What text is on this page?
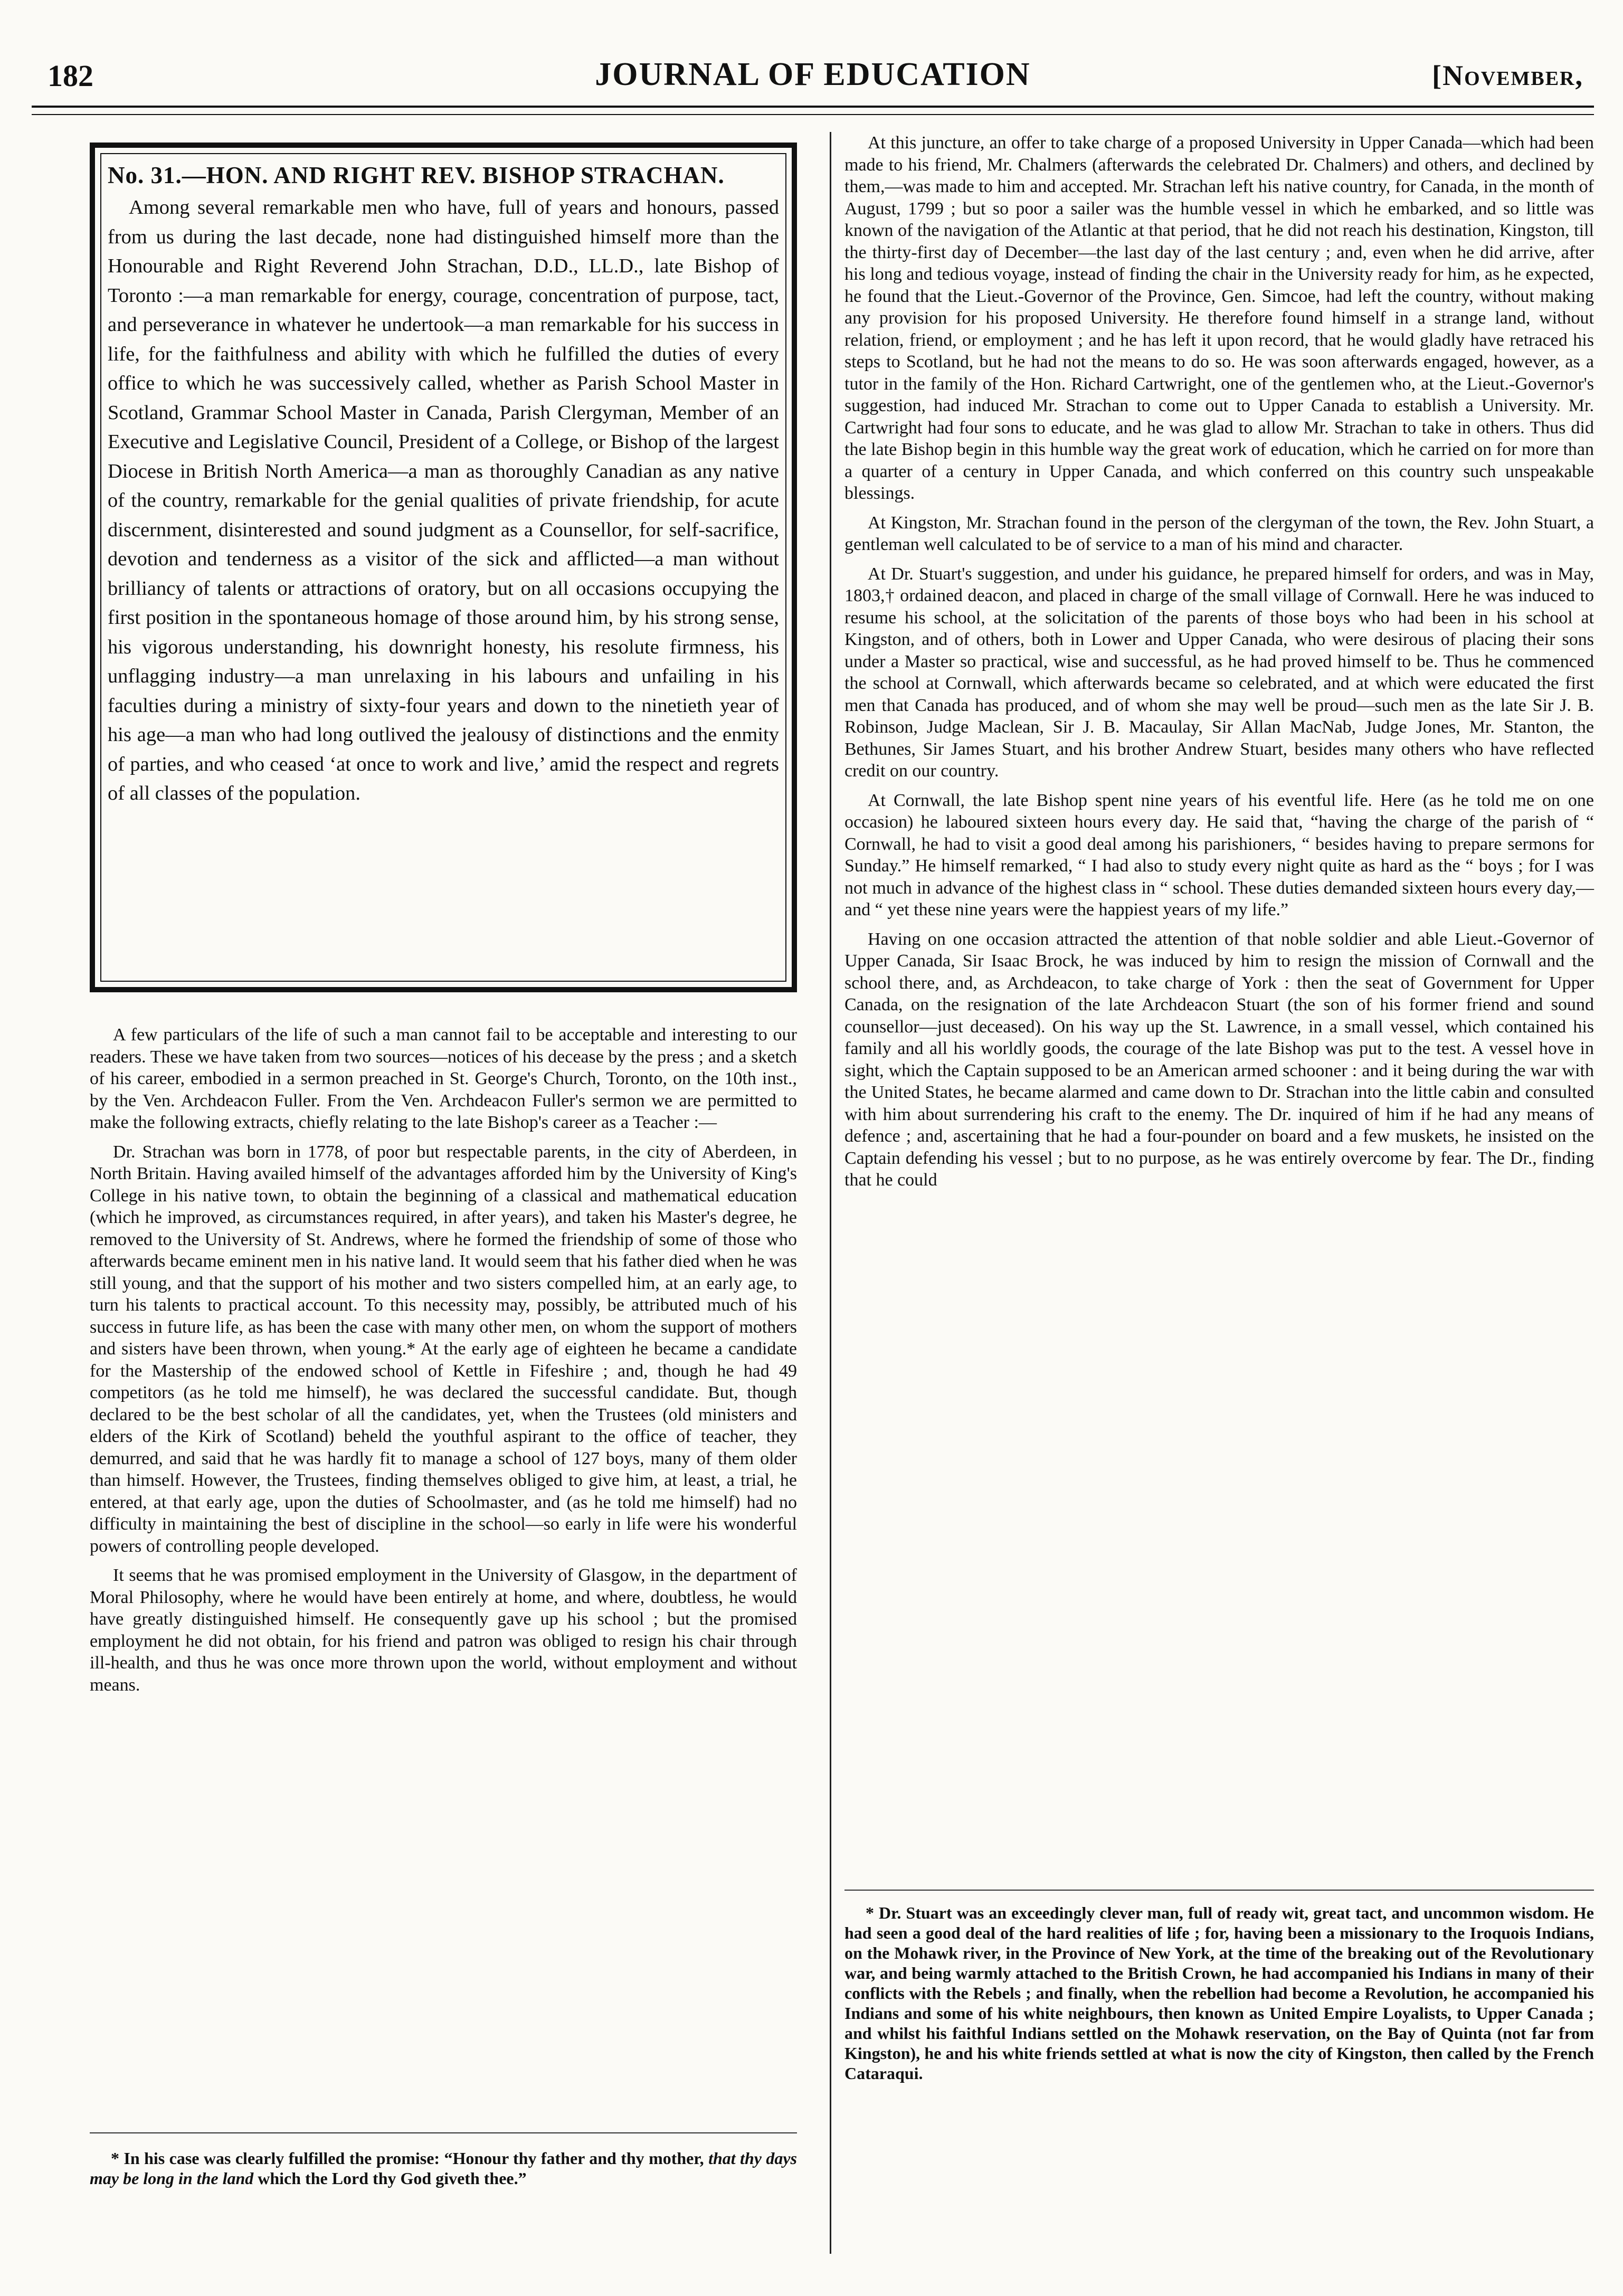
182	JOURNAL OF EDUCATION	[November,
No. 31.—HON. AND RIGHT REV. BISHOP STRACHAN.

Among several remarkable men who have, full of years and honours, passed from us during the last decade, none had distinguished himself more than the Honourable and Right Reverend John Strachan, D.D., LL.D., late Bishop of Toronto :—a man remarkable for energy, courage, concentration of purpose, tact, and perseverance in whatever he undertook—a man remarkable for his success in life, for the faithfulness and ability with which he fulfilled the duties of every office to which he was successively called, whether as Parish School Master in Scotland, Grammar School Master in Canada, Parish Clergyman, Member of an Executive and Legislative Council, President of a College, or Bishop of the largest Diocese in British North America—a man as thoroughly Canadian as any native of the country, remarkable for the genial qualities of private friendship, for acute discernment, disinterested and sound judgment as a Counsellor, for self-sacrifice, devotion and tenderness as a visitor of the sick and afflicted—a man without brilliancy of talents or attractions of oratory, but on all occasions occupying the first position in the spontaneous homage of those around him, by his strong sense, his vigorous understanding, his downright honesty, his resolute firmness, his unflagging industry—a man unrelaxing in his labours and unfailing in his faculties during a ministry of sixty-four years and down to the ninetieth year of his age—a man who had long outlived the jealousy of distinctions and the enmity of parties, and who ceased ‘at once to work and live,’ amid the respect and regrets of all classes of the population.

A few particulars of the life of such a man cannot fail to be acceptable and interesting to our readers. These we have taken from two sources—notices of his decease by the press ; and a sketch of his career, embodied in a sermon preached in St. George's Church, Toronto, on the 10th inst., by the Ven. Archdeacon Fuller. From the Ven. Archdeacon Fuller's sermon we are permitted to make the following extracts, chiefly relating to the late Bishop's career as a Teacher :—

Dr. Strachan was born in 1778, of poor but respectable parents, in the city of Aberdeen, in North Britain. Having availed himself of the advantages afforded him by the University of King's College in his native town, to obtain the beginning of a classical and mathematical education (which he improved, as circumstances required, in after years), and taken his Master's degree, he removed to the University of St. Andrews, where he formed the friendship of some of those who afterwards became eminent men in his native land. It would seem that his father died when he was still young, and that the support of his mother and two sisters compelled him, at an early age, to turn his talents to practical account. To this necessity may, possibly, be attributed much of his success in future life, as has been the case with many other men, on whom the support of mothers and sisters have been thrown, when young.* At the early age of eighteen he became a candidate for the Mastership of the endowed school of Kettle in Fifeshire ; and, though he had 49 competitors (as he told me himself), he was declared the successful candidate. But, though declared to be the best scholar of all the candidates, yet, when the Trustees (old ministers and elders of the Kirk of Scotland) beheld the youthful aspirant to the office of teacher, they demurred, and said that he was hardly fit to manage a school of 127 boys, many of them older than himself. However, the Trustees, finding themselves obliged to give him, at least, a trial, he entered, at that early age, upon the duties of Schoolmaster, and (as he told me himself) had no difficulty in maintaining the best of discipline in the school—so early in life were his wonderful powers of controlling people developed.

It seems that he was promised employment in the University of Glasgow, in the department of Moral Philosophy, where he would have been entirely at home, and where, doubtless, he would have greatly distinguished himself. He consequently gave up his school ; but the promised employment he did not obtain, for his friend and patron was obliged to resign his chair through ill-health, and thus he was once more thrown upon the world, without employment and without means.

* In his case was clearly fulfilled the promise: “Honour thy father and thy mother, that thy days may be long in the land which the Lord thy God giveth thee.”

At this juncture, an offer to take charge of a proposed University in Upper Canada—which had been made to his friend, Mr. Chalmers (afterwards the celebrated Dr. Chalmers) and others, and declined by them,—was made to him and accepted. Mr. Strachan left his native country, for Canada, in the month of August, 1799 ; but so poor a sailer was the humble vessel in which he embarked, and so little was known of the navigation of the Atlantic at that period, that he did not reach his destination, Kingston, till the thirty-first day of December—the last day of the last century ; and, even when he did arrive, after his long and tedious voyage, instead of finding the chair in the University ready for him, as he expected, he found that the Lieut.-Governor of the Province, Gen. Simcoe, had left the country, without making any provision for his proposed University. He therefore found himself in a strange land, without relation, friend, or employment ; and he has left it upon record, that he would gladly have retraced his steps to Scotland, but he had not the means to do so. He was soon afterwards engaged, however, as a tutor in the family of the Hon. Richard Cartwright, one of the gentlemen who, at the Lieut.-Governor's suggestion, had induced Mr. Strachan to come out to Upper Canada to establish a University. Mr. Cartwright had four sons to educate, and he was glad to allow Mr. Strachan to take in others. Thus did the late Bishop begin in this humble way the great work of education, which he carried on for more than a quarter of a century in Upper Canada, and which conferred on this country such unspeakable blessings.

At Kingston, Mr. Strachan found in the person of the clergyman of the town, the Rev. John Stuart, a gentleman well calculated to be of service to a man of his mind and character.

At Dr. Stuart's suggestion, and under his guidance, he prepared himself for orders, and was in May, 1803,† ordained deacon, and placed in charge of the small village of Cornwall. Here he was induced to resume his school, at the solicitation of the parents of those boys who had been in his school at Kingston, and of others, both in Lower and Upper Canada, who were desirous of placing their sons under a Master so practical, wise and successful, as he had proved himself to be. Thus he commenced the school at Cornwall, which afterwards became so celebrated, and at which were educated the first men that Canada has produced, and of whom she may well be proud—such men as the late Sir J. B. Robinson, Judge Maclean, Sir J. B. Macaulay, Sir Allan MacNab, Judge Jones, Mr. Stanton, the Bethunes, Sir James Stuart, and his brother Andrew Stuart, besides many others who have reflected credit on our country.

At Cornwall, the late Bishop spent nine years of his eventful life. Here (as he told me on one occasion) he laboured sixteen hours every day. He said that, “having the charge of the parish of “ Cornwall, he had to visit a good deal among his parishioners, “ besides having to prepare sermons for Sunday.” He himself remarked, “ I had also to study every night quite as hard as the “ boys ; for I was not much in advance of the highest class in “ school. These duties demanded sixteen hours every day,—and “ yet these nine years were the happiest years of my life.”

Having on one occasion attracted the attention of that noble soldier and able Lieut.-Governor of Upper Canada, Sir Isaac Brock, he was induced by him to resign the mission of Cornwall and the school there, and, as Archdeacon, to take charge of York : then the seat of Government for Upper Canada, on the resignation of the late Archdeacon Stuart (the son of his former friend and sound counsellor—just deceased). On his way up the St. Lawrence, in a small vessel, which contained his family and all his worldly goods, the courage of the late Bishop was put to the test. A vessel hove in sight, which the Captain supposed to be an American armed schooner : and it being during the war with the United States, he became alarmed and came down to Dr. Strachan into the little cabin and consulted with him about surrendering his craft to the enemy. The Dr. inquired of him if he had any means of defence ; and, ascertaining that he had a four-pounder on board and a few muskets, he insisted on the Captain defending his vessel ; but to no purpose, as he was entirely overcome by fear. The Dr., finding that he could

* Dr. Stuart was an exceedingly clever man, full of ready wit, great tact, and uncommon wisdom. He had seen a good deal of the hard realities of life ; for, having been a missionary to the Iroquois Indians, on the Mohawk river, in the Province of New York, at the time of the breaking out of the Revolutionary war, and being warmly attached to the British Crown, he had accompanied his Indians in many of their conflicts with the Rebels ; and finally, when the rebellion had become a Revolution, he accompanied his Indians and some of his white neighbours, then known as United Empire Loyalists, to Upper Canada ; and whilst his faithful Indians settled on the Mohawk reservation, on the Bay of Quinta (not far from Kingston), he and his white friends settled at what is now the city of Kingston, then called by the French Cataraqui.
